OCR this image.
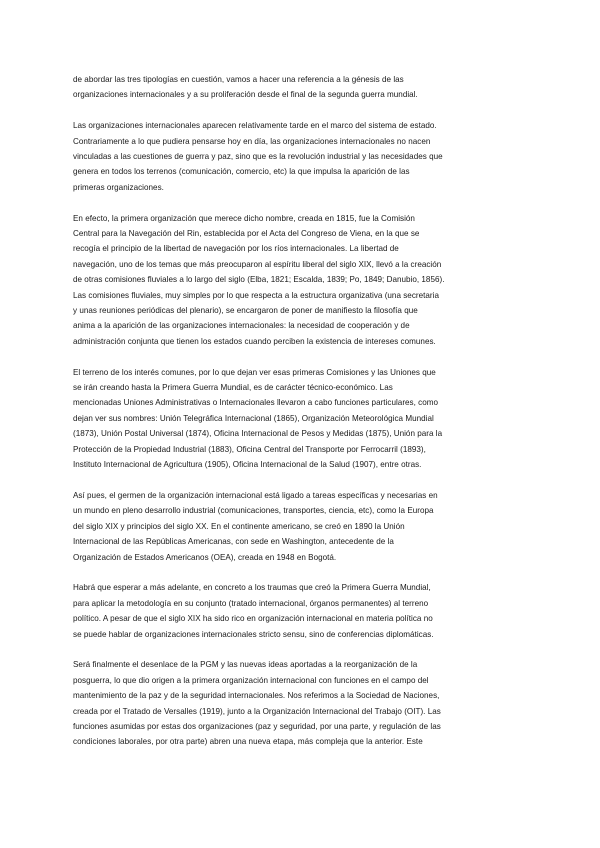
de abordar las tres tipologías en cuestión, vamos a hacer una referencia a la génesis de las
organizaciones internacionales y a su proliferación desde el final de la segunda guerra mundial.

Las organizaciones internacionales aparecen relativamente tarde en el marco del sistema de estado.
Contrariamente a lo que pudiera pensarse hoy en día, las organizaciones internacionales no nacen
vinculadas a las cuestiones de guerra y paz, sino que es la revolución industrial y las necesidades que
genera en todos los terrenos (comunicación, comercio, etc) la que impulsa la aparición de las
primeras organizaciones.

En efecto, la primera organización que merece dicho nombre, creada en 1815, fue la Comisión
Central para la Navegación del Rin, establecida por el Acta del Congreso de Viena, en la que se
recogía el principio de la libertad de navegación por los ríos internacionales. La libertad de
navegación, uno de los temas que más preocuparon al espíritu liberal del siglo XIX, llevó a la creación
de otras comisiones fluviales a lo largo del siglo (Elba, 1821; Escalda, 1839; Po, 1849; Danubio, 1856).
Las comisiones fluviales, muy simples por lo que respecta a la estructura organizativa (una secretaria
y unas reuniones periódicas del plenario), se encargaron de poner de manifiesto la filosofía que
anima a la aparición de las organizaciones internacionales: la necesidad de cooperación y de
administración conjunta que tienen los estados cuando perciben la existencia de intereses comunes.

El terreno de los interés comunes, por lo que dejan ver esas primeras Comisiones y las Uniones que
se irán creando hasta la Primera Guerra Mundial, es de carácter técnico-económico. Las
mencionadas Uniones Administrativas o Internacionales llevaron a cabo funciones particulares, como
dejan ver sus nombres: Unión Telegráfica Internacional (1865), Organización Meteorológica Mundial
(1873), Unión Postal Universal (1874), Oficina Internacional de Pesos y Medidas (1875), Unión para la
Protección de la Propiedad Industrial (1883), Oficina Central del Transporte por Ferrocarril (1893),
Instituto Internacional de Agricultura (1905), Oficina Internacional de la Salud (1907), entre otras.

Así pues, el germen de la organización internacional está ligado a tareas específicas y necesarias en
un mundo en pleno desarrollo industrial (comunicaciones, transportes, ciencia, etc), como la Europa
del siglo XIX y principios del siglo XX. En el continente americano, se creó en 1890 la Unión
Internacional de las Repúblicas Americanas, con sede en Washington, antecedente de la
Organización de Estados Americanos (OEA), creada en 1948 en Bogotá.

Habrá que esperar a más adelante, en concreto a los traumas que creó la Primera Guerra Mundial,
para aplicar la metodología en su conjunto (tratado internacional, órganos permanentes) al terreno
político. A pesar de que el siglo XIX ha sido rico en organización internacional en materia política no
se puede hablar de organizaciones internacionales stricto sensu, sino de conferencias diplomáticas.

Será finalmente el desenlace de la PGM y las nuevas ideas aportadas a la reorganización de la
posguerra, lo que dio origen a la primera organización internacional con funciones en el campo del
mantenimiento de la paz y de la seguridad internacionales. Nos referimos a la Sociedad de Naciones,
creada por el Tratado de Versalles (1919), junto a la Organización Internacional del Trabajo (OIT). Las
funciones asumidas por estas dos organizaciones (paz y seguridad, por una parte, y regulación de las
condiciones laborales, por otra parte) abren una nueva etapa, más compleja que la anterior. Este
